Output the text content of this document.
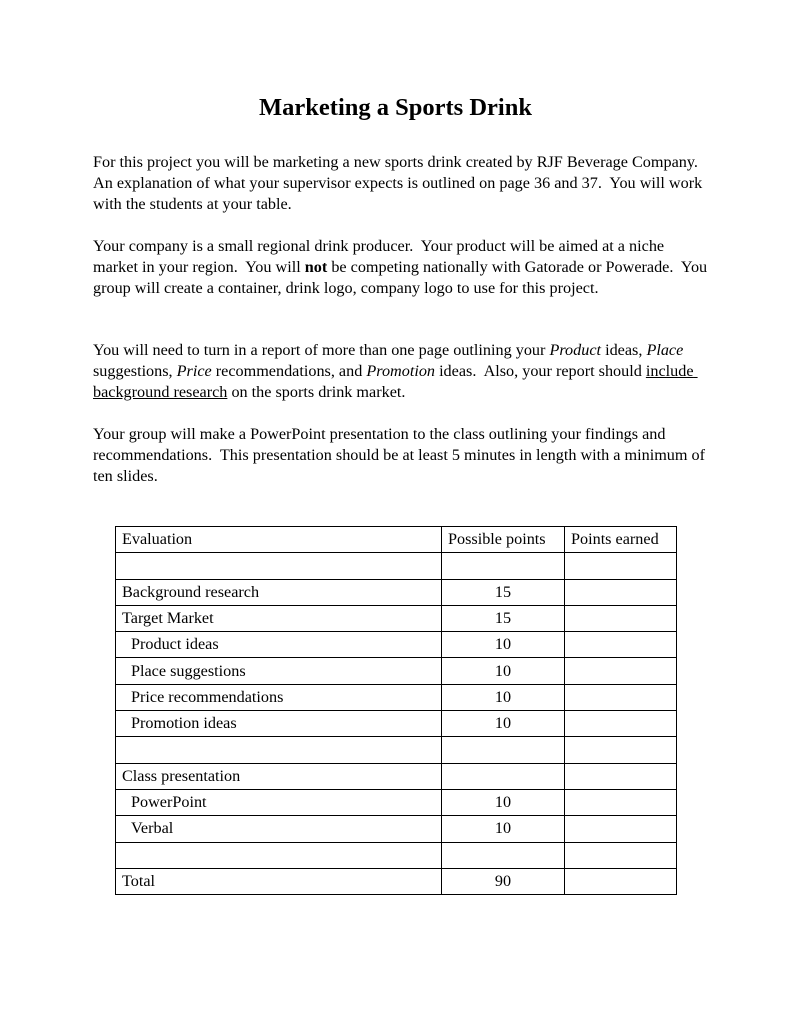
Marketing a Sports Drink

For this project you will be marketing a new sports drink created by RJF Beverage Company.  An explanation of what your supervisor expects is outlined on page 36 and 37.  You will work with the students at your table.

Your company is a small regional drink producer.  Your product will be aimed at a niche market in your region.  You will not be competing nationally with Gatorade or Powerade.  You group will create a container, drink logo, company logo to use for this project.

You will need to turn in a report of more than one page outlining your Product ideas, Place suggestions, Price recommendations, and Promotion ideas.  Also, your report should include background research on the sports drink market.

Your group will make a PowerPoint presentation to the class outlining your findings and recommendations.  This presentation should be at least 5 minutes in length with a minimum of ten slides.

Evaluation	Possible points	Points earned

Background research	15	
Target Market	15	
Product ideas	10	
Place suggestions	10	
Price recommendations	10	
Promotion ideas	10	

Class presentation		
PowerPoint	10	
Verbal	10	

Total	90	
